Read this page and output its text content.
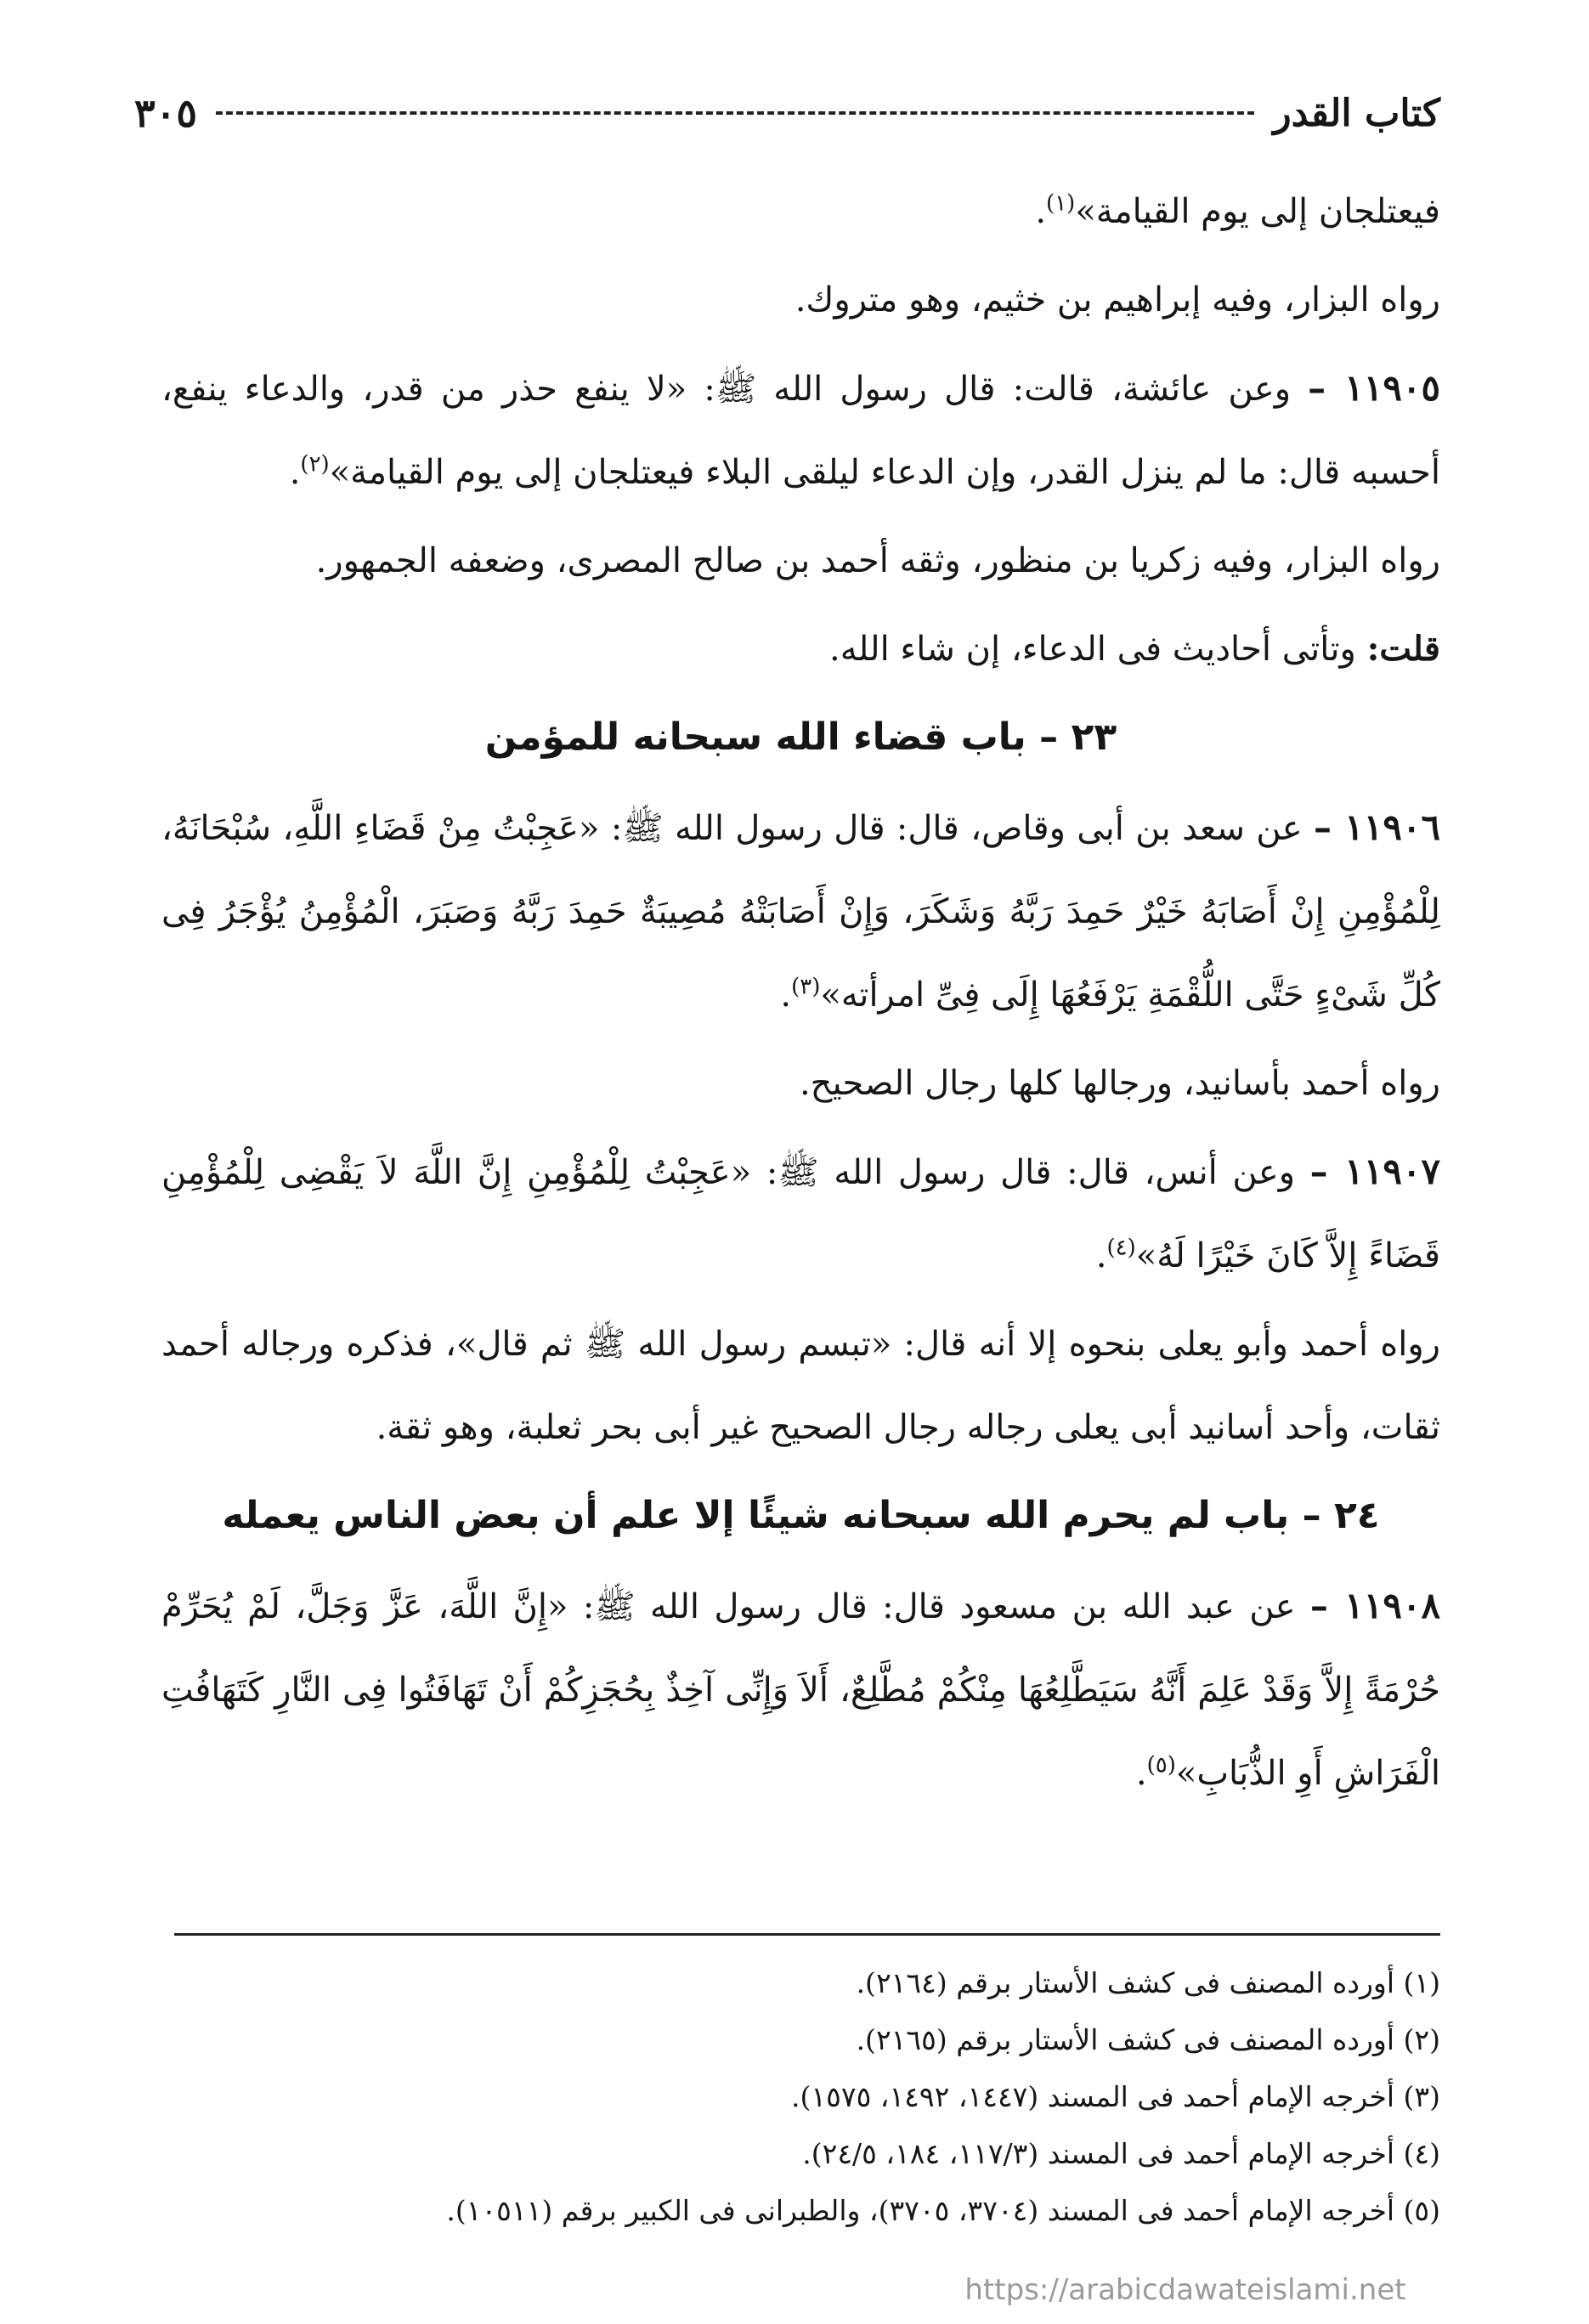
كتاب القدر
٣٠٥

فيعتلجان إلى يوم القيامة»$^{(١)}$.

رواه البزار، وفيه إبراهيم بن خثيم، وهو متروك.

١١٩٠٥ – وعن عائشة، قالت: قال رسول الله ﷺ: «لا ينفع حذر من قدر، والدعاء ينفع، أحسبه قال: ما لم ينزل القدر، وإن الدعاء ليلقى البلاء فيعتلجان إلى يوم القيامة»$^{(٢)}$.

رواه البزار، وفيه زكريا بن منظور، وثقه أحمد بن صالح المصرى، وضعفه الجمهور.

قلت: وتأتى أحاديث فى الدعاء، إن شاء الله.

٢٣ – باب قضاء الله سبحانه للمؤمن

١١٩٠٦ – عن سعد بن أبى وقاص، قال: قال رسول الله ﷺ: «عَجِبْتُ مِنْ قَضَاءِ اللَّهِ، سُبْحَانَهُ، لِلْمُؤْمِنِ إِنْ أَصَابَهُ خَيْرٌ حَمِدَ رَبَّهُ وَشَكَرَ، وَإِنْ أَصَابَتْهُ مُصِيبَةٌ حَمِدَ رَبَّهُ وَصَبَرَ، الْمُؤْمِنُ يُؤْجَرُ فِى كُلِّ شَىْءٍ حَتَّى اللُّقْمَةِ يَرْفَعُهَا إِلَى فِىِّ امرأته»$^{(٣)}$.

رواه أحمد بأسانيد، ورجالها كلها رجال الصحيح.

١١٩٠٧ – وعن أنس، قال: قال رسول الله ﷺ: «عَجِبْتُ لِلْمُؤْمِنِ إِنَّ اللَّهَ لاَ يَقْضِى لِلْمُؤْمِنِ قَضَاءً إِلاَّ كَانَ خَيْرًا لَهُ»$^{(٤)}$.

رواه أحمد وأبو يعلى بنحوه إلا أنه قال: «تبسم رسول الله ﷺ ثم قال»، فذكره ورجاله أحمد ثقات، وأحد أسانيد أبى يعلى رجاله رجال الصحيح غير أبى بحر ثعلبة، وهو ثقة.

٢٤ – باب لم يحرم الله سبحانه شيئًا إلا علم أن بعض الناس يعمله

١١٩٠٨ – عن عبد الله بن مسعود قال: قال رسول الله ﷺ: «إِنَّ اللَّهَ، عَزَّ وَجَلَّ، لَمْ يُحَرِّمْ حُرْمَةً إِلاَّ وَقَدْ عَلِمَ أَنَّهُ سَيَطَّلِعُهَا مِنْكُمْ مُطَّلِعٌ، أَلاَ وَإِنِّى آخِذٌ بِحُجَزِكُمْ أَنْ تَهَافَتُوا فِى النَّارِ كَتَهَافُتِ الْفَرَاشِ أَوِ الذُّبَابِ»$^{(٥)}$.

(١) أورده المصنف فى كشف الأستار برقم (٢١٦٤).

(٢) أورده المصنف فى كشف الأستار برقم (٢١٦٥).

(٣) أخرجه الإمام أحمد فى المسند (١٤٤٧، ١٤٩٢، ١٥٧٥).

(٤) أخرجه الإمام أحمد فى المسند (١١٧/٣، ١٨٤، ٢٤/٥).

(٥) أخرجه الإمام أحمد فى المسند (٣٧٠٤، ٣٧٠٥)، والطبرانى فى الكبير برقم (١٠٥١١).

https://arabicdawateislami.net
